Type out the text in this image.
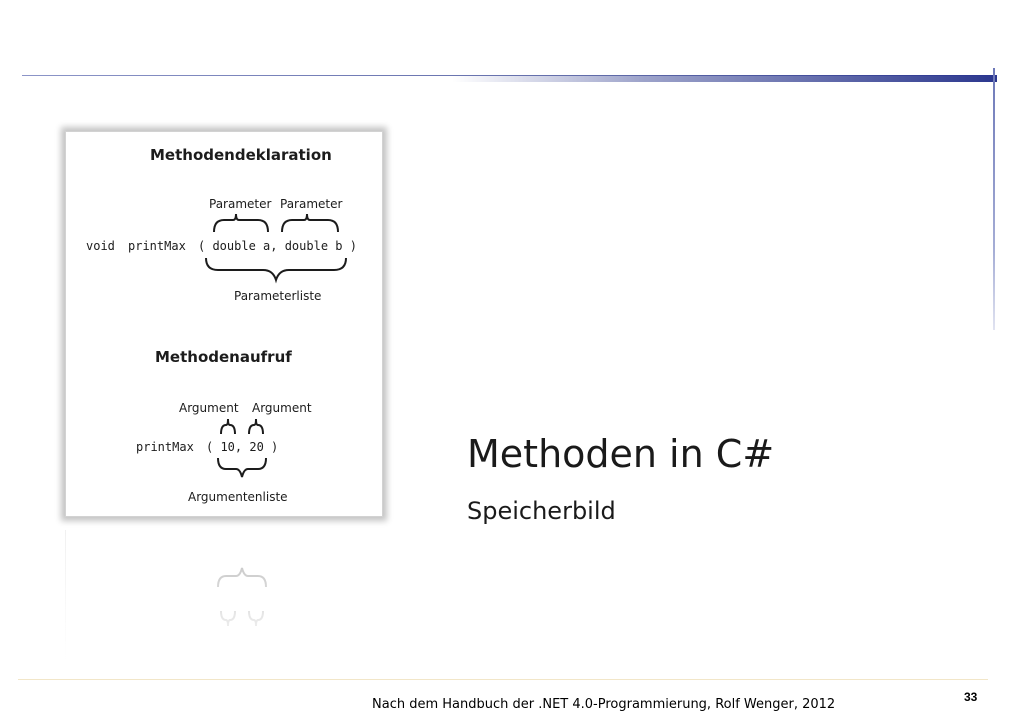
Methodendeklaration
Parameter Parameter
void printMax ( double a, double b )
Parameterliste
Methodenaufruf
Argument Argument
printMax ( 10, 20 )
Argumentenliste
Methoden in C#
Speicherbild
Nach dem Handbuch der .NET 4.0-Programmierung, Rolf Wenger, 2012	33
